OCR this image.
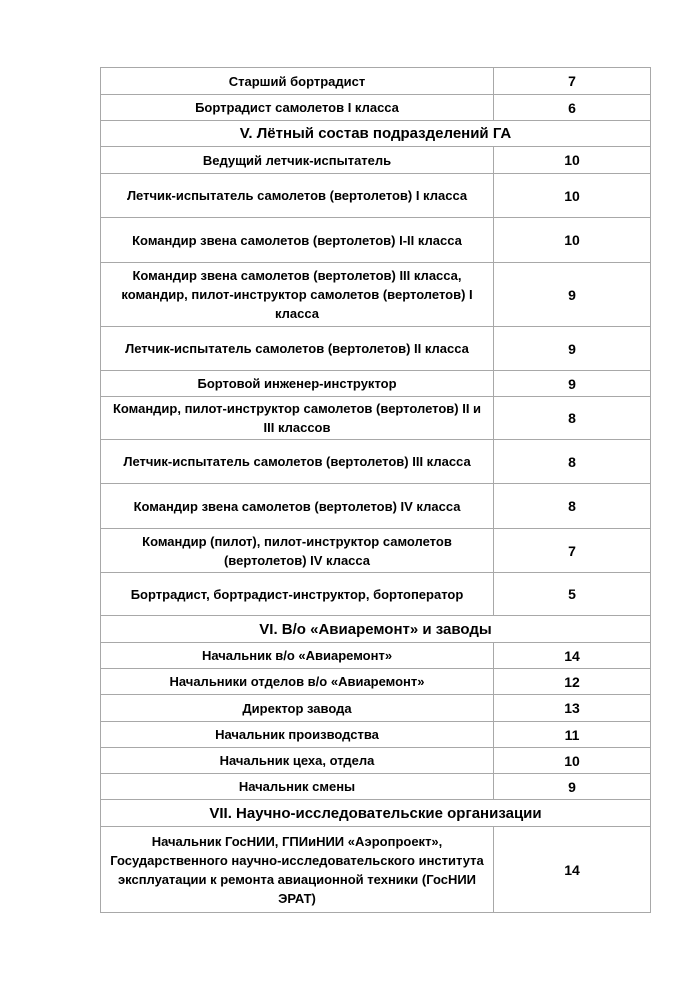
Старший бортрадист	7
Бортрадист самолетов I класса	6
V. Лётный состав подразделений ГА	
Ведущий летчик-испытатель	10
Летчик-испытатель самолетов (вертолетов) I класса	10
Командир звена самолетов (вертолетов) I-II класса	10
Командир звена самолетов (вертолетов) III класса, командир, пилот-инструктор самолетов (вертолетов) I класса	9
Летчик-испытатель самолетов (вертолетов) II класса	9
Бортовой инженер-инструктор	9
Командир, пилот-инструктор самолетов (вертолетов) II и III классов	8
Летчик-испытатель самолетов (вертолетов) III класса	8
Командир звена самолетов (вертолетов) IV класса	8
Командир (пилот), пилот-инструктор самолетов (вертолетов) IV класса	7
Бортрадист, бортрадист-инструктор, бортоператор	5
VI. В/о «Авиаремонт» и заводы	
Начальник в/о «Авиаремонт»	14
Начальники отделов в/о «Авиаремонт»	12
Директор завода	13
Начальник производства	11
Начальник цеха, отдела	10
Начальник смены	9
VII. Научно-исследовательские организации	
Начальник ГосНИИ, ГПИиНИИ «Аэропроект», Государственного научно-исследовательского института эксплуатации к ремонта авиационной техники (ГосНИИ ЭРАТ)	14
